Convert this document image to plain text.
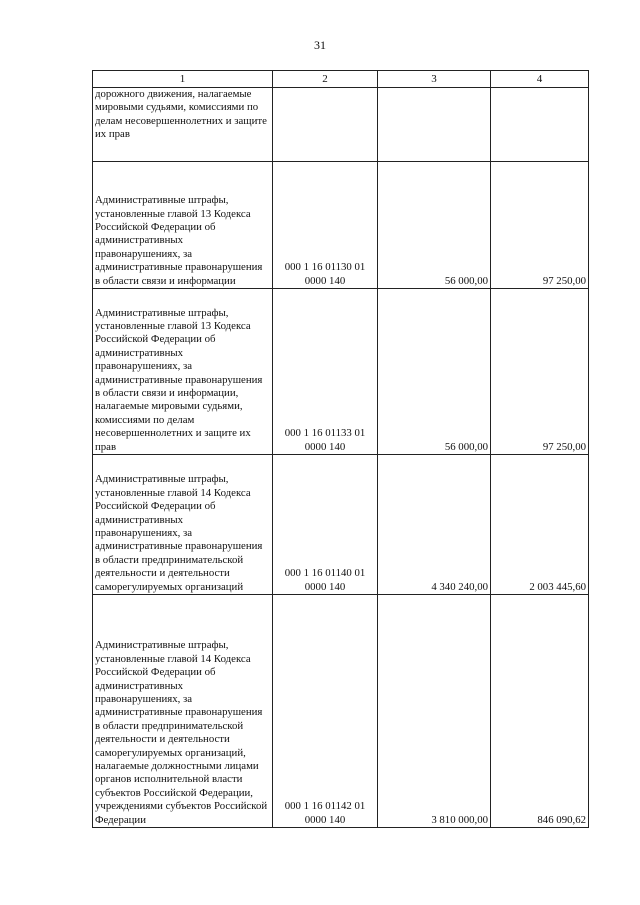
31
1	2	3	4
дорожного движения, налагаемые мировыми судьями, комиссиями по делам несовершеннолетних и защите их прав			
Административные штрафы, установленные главой 13 Кодекса Российской Федерации об административных правонарушениях, за административные правонарушения в области связи и информации	000 1 16 01130 01 0000 140	56 000,00	97 250,00
Административные штрафы, установленные главой 13 Кодекса Российской Федерации об административных правонарушениях, за административные правонарушения в области связи и информации, налагаемые мировыми судьями, комиссиями по делам несовершеннолетних и защите их прав	000 1 16 01133 01 0000 140	56 000,00	97 250,00
Административные штрафы, установленные главой 14 Кодекса Российской Федерации об административных правонарушениях, за административные правонарушения в области предпринимательской деятельности и деятельности саморегулируемых организаций	000 1 16 01140 01 0000 140	4 340 240,00	2 003 445,60
Административные штрафы, установленные главой 14 Кодекса Российской Федерации об административных правонарушениях, за административные правонарушения в области предпринимательской деятельности и деятельности саморегулируемых организаций, налагаемые должностными лицами органов исполнительной власти субъектов Российской Федерации, учреждениями субъектов Российской Федерации	000 1 16 01142 01 0000 140	3 810 000,00	846 090,62
